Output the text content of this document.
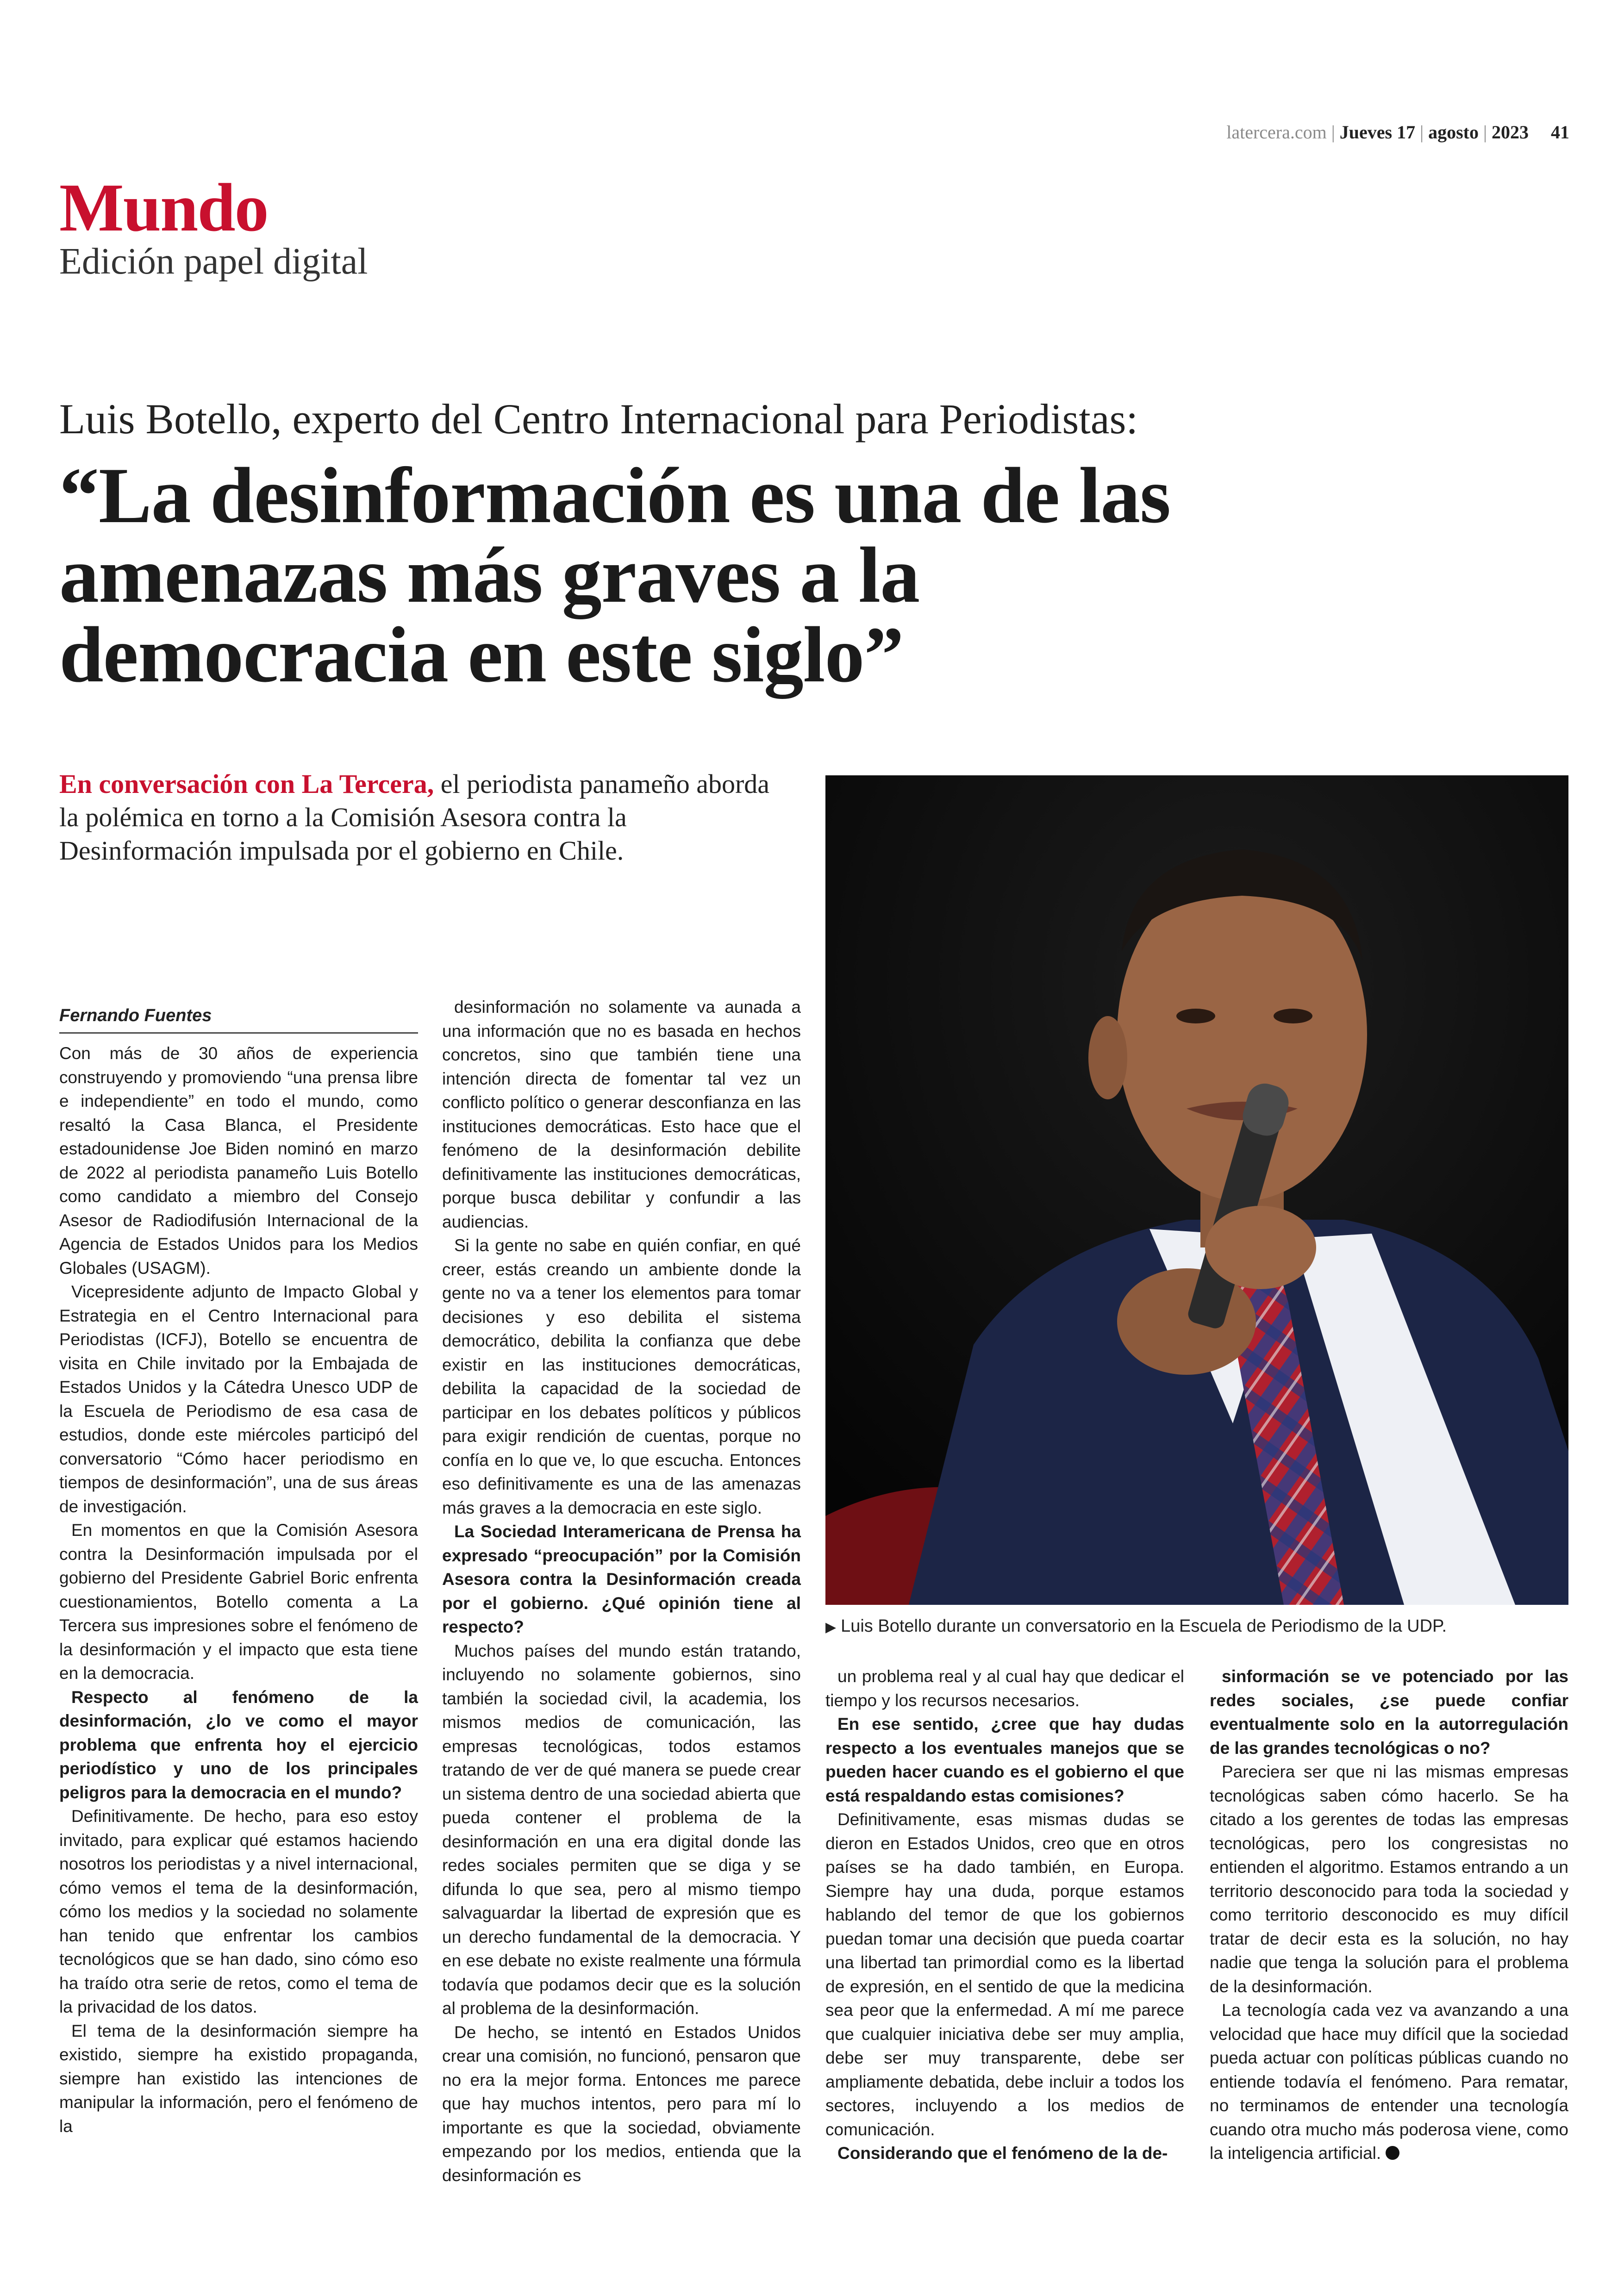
latercera.com | Jueves 17 | agosto | 2023 41
Mundo
Edición papel digital
Luis Botello, experto del Centro Internacional para Periodistas:
“La desinformación es una de las amenazas más graves a la democracia en este siglo”
En conversación con La Tercera, el periodista panameño aborda la polémica en torno a la Comisión Asesora contra la Desinformación impulsada por el gobierno en Chile.
▶ Luis Botello durante un conversatorio en la Escuela de Periodismo de la UDP.
Fernando Fuentes

Con más de 30 años de experiencia construyendo y promoviendo “una prensa libre e independiente” en todo el mundo, como resaltó la Casa Blanca, el Presidente estadounidense Joe Biden nominó en marzo de 2022 al periodista panameño Luis Botello como candidato a miembro del Consejo Asesor de Radiodifusión Internacional de la Agencia de Estados Unidos para los Medios Globales (USAGM).

Vicepresidente adjunto de Impacto Global y Estrategia en el Centro Internacional para Periodistas (ICFJ), Botello se encuentra de visita en Chile invitado por la Embajada de Estados Unidos y la Cátedra Unesco UDP de la Escuela de Periodismo de esa casa de estudios, donde este miércoles participó del conversatorio “Cómo hacer periodismo en tiempos de desinformación”, una de sus áreas de investigación.

En momentos en que la Comisión Asesora contra la Desinformación impulsada por el gobierno del Presidente Gabriel Boric enfrenta cuestionamientos, Botello comenta a La Tercera sus impresiones sobre el fenómeno de la desinformación y el impacto que esta tiene en la democracia.

Respecto al fenómeno de la desinformación, ¿lo ve como el mayor problema que enfrenta hoy el ejercicio periodístico y uno de los principales peligros para la democracia en el mundo?

Definitivamente. De hecho, para eso estoy invitado, para explicar qué estamos haciendo nosotros los periodistas y a nivel internacional, cómo vemos el tema de la desinformación, cómo los medios y la sociedad no solamente han tenido que enfrentar los cambios tecnológicos que se han dado, sino cómo eso ha traído otra serie de retos, como el tema de la privacidad de los datos.

El tema de la desinformación siempre ha existido, siempre ha existido propaganda, siempre han existido las intenciones de manipular la información, pero el fenómeno de la

desinformación no solamente va aunada a una información que no es basada en hechos concretos, sino que también tiene una intención directa de fomentar tal vez un conflicto político o generar desconfianza en las instituciones democráticas. Esto hace que el fenómeno de la desinformación debilite definitivamente las instituciones democráticas, porque busca debilitar y confundir a las audiencias.

Si la gente no sabe en quién confiar, en qué creer, estás creando un ambiente donde la gente no va a tener los elementos para tomar decisiones y eso debilita el sistema democrático, debilita la confianza que debe existir en las instituciones democráticas, debilita la capacidad de la sociedad de participar en los debates políticos y públicos para exigir rendición de cuentas, porque no confía en lo que ve, lo que escucha. Entonces eso definitivamente es una de las amenazas más graves a la democracia en este siglo.

La Sociedad Interamericana de Prensa ha expresado “preocupación” por la Comisión Asesora contra la Desinformación creada por el gobierno. ¿Qué opinión tiene al respecto?

Muchos países del mundo están tratando, incluyendo no solamente gobiernos, sino también la sociedad civil, la academia, los mismos medios de comunicación, las empresas tecnológicas, todos estamos tratando de ver de qué manera se puede crear un sistema dentro de una sociedad abierta que pueda contener el problema de la desinformación en una era digital donde las redes sociales permiten que se diga y se difunda lo que sea, pero al mismo tiempo salvaguardar la libertad de expresión que es un derecho fundamental de la democracia. Y en ese debate no existe realmente una fórmula todavía que podamos decir que es la solución al problema de la desinformación.

De hecho, se intentó en Estados Unidos crear una comisión, no funcionó, pensaron que no era la mejor forma. Entonces me parece que hay muchos intentos, pero para mí lo importante es que la sociedad, obviamente empezando por los medios, entienda que la desinformación es

un problema real y al cual hay que dedicar el tiempo y los recursos necesarios.

En ese sentido, ¿cree que hay dudas respecto a los eventuales manejos que se pueden hacer cuando es el gobierno el que está respaldando estas comisiones?

Definitivamente, esas mismas dudas se dieron en Estados Unidos, creo que en otros países se ha dado también, en Europa. Siempre hay una duda, porque estamos hablando del temor de que los gobiernos puedan tomar una decisión que pueda coartar una libertad tan primordial como es la libertad de expresión, en el sentido de que la medicina sea peor que la enfermedad. A mí me parece que cualquier iniciativa debe ser muy amplia, debe ser muy transparente, debe ser ampliamente debatida, debe incluir a todos los sectores, incluyendo a los medios de comunicación.

Considerando que el fenómeno de la de-

sinformación se ve potenciado por las redes sociales, ¿se puede confiar eventualmente solo en la autorregulación de las grandes tecnológicas o no?

Pareciera ser que ni las mismas empresas tecnológicas saben cómo hacerlo. Se ha citado a los gerentes de todas las empresas tecnológicas, pero los congresistas no entienden el algoritmo. Estamos entrando a un territorio desconocido para toda la sociedad y como territorio desconocido es muy difícil tratar de decir esta es la solución, no hay nadie que tenga la solución para el problema de la desinformación.

La tecnología cada vez va avanzando a una velocidad que hace muy difícil que la sociedad pueda actuar con políticas públicas cuando no entiende todavía el fenómeno. Para rematar, no terminamos de entender una tecnología cuando otra mucho más poderosa viene, como la inteligencia artificial.
